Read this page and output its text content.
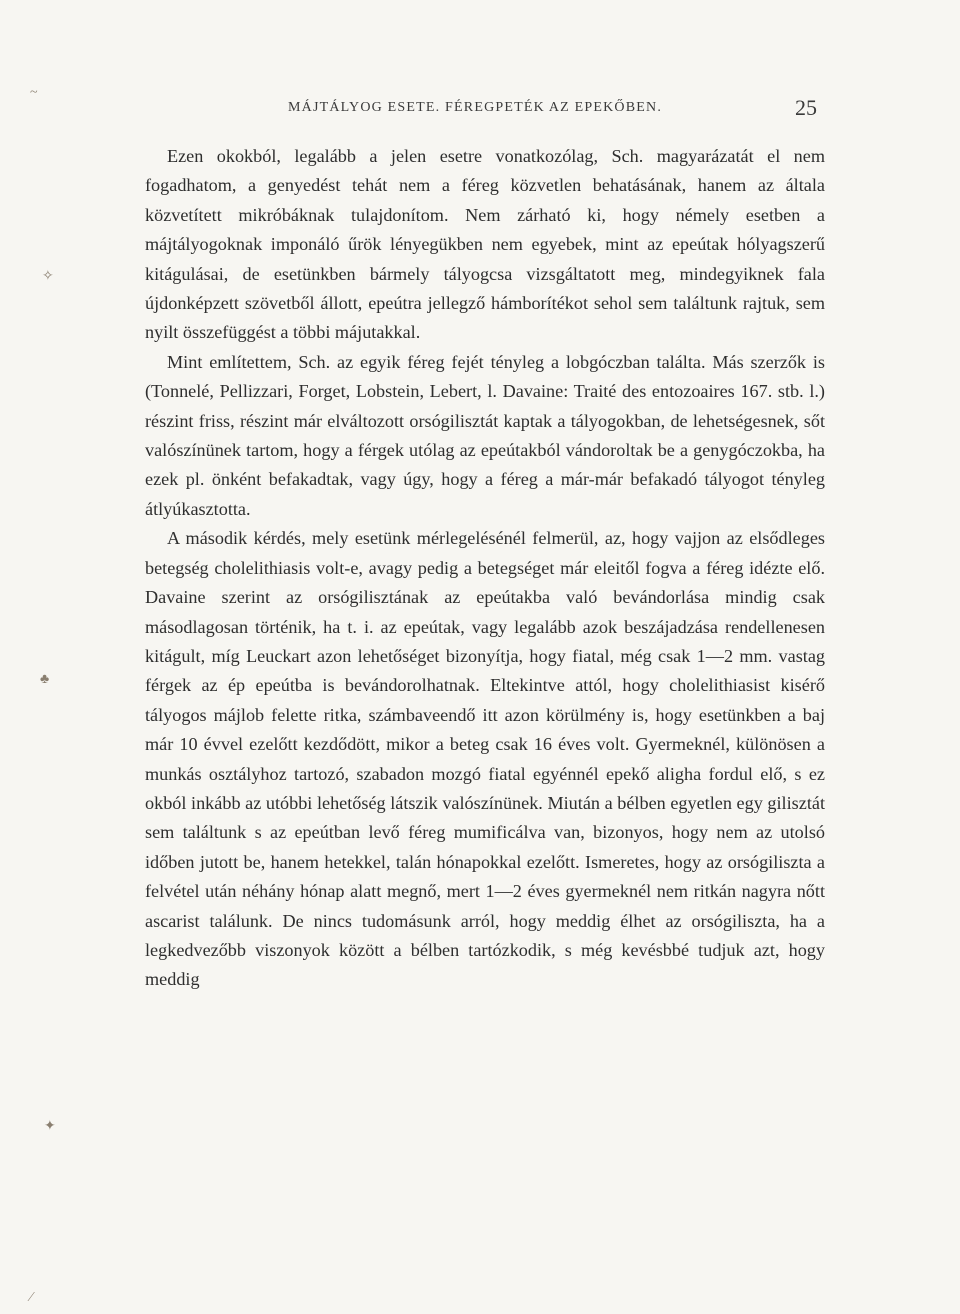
MÁJTÁLYOG ESETE. FÉREGPETÉK AZ EPEKŐBEN.	25

Ezen okokból, legalább a jelen esetre vonatkozólag, Sch. magyarázatát el nem fogadhatom, a genyedést tehát nem a féreg közvetlen behatásának, hanem az általa közvetített mikróbáknak tulajdonítom. Nem zárható ki, hogy némely esetben a májtályogoknak imponáló űrök lényegükben nem egyebek, mint az epeútak hólyagszerű kitágulásai, de esetünkben bármely tályogcsa vizsgáltatott meg, mindegyiknek fala újdonképzett szövetből állott, epeútra jellegző hámborítékot sehol sem találtunk rajtuk, sem nyilt összefüggést a többi májutakkal.

Mint említettem, Sch. az egyik féreg fejét tényleg a lobgóczban találta. Más szerzők is (Tonnelé, Pellizzari, Forget, Lobstein, Lebert, l. Davaine: Traité des entozoaires 167. stb. l.) részint friss, részint már elváltozott orsógilisztát kaptak a tályogokban, de lehetségesnek, sőt valószínünek tartom, hogy a férgek utólag az epeútakból vándoroltak be a genygóczokba, ha ezek pl. önként befakadtak, vagy úgy, hogy a féreg a már-már befakadó tályogot tényleg átlyúkasztotta.

A második kérdés, mely esetünk mérlegelésénél felmerül, az, hogy vajjon az elsődleges betegség cholelithiasis volt-e, avagy pedig a betegséget már eleitől fogva a féreg idézte elő. Davaine szerint az orsógilisztának az epeútakba való bevándorlása mindig csak másodlagosan történik, ha t. i. az epeútak, vagy legalább azok beszájadzása rendellenesen kitágult, míg Leuckart azon lehetőséget bizonyítja, hogy fiatal, még csak 1—2 mm. vastag férgek az ép epeútba is bevándorolhatnak. Eltekintve attól, hogy cholelithiasist kisérő tályogos májlob felette ritka, számbaveendő itt azon körülmény is, hogy esetünkben a baj már 10 évvel ezelőtt kezdődött, mikor a beteg csak 16 éves volt. Gyermeknél, különösen a munkás osztályhoz tartozó, szabadon mozgó fiatal egyénnél epekő aligha fordul elő, s ez okból inkább az utóbbi lehetőség látszik valószínünek. Miután a bélben egyetlen egy gilisztát sem találtunk s az epeútban levő féreg mumificálva van, bizonyos, hogy nem az utolsó időben jutott be, hanem hetekkel, talán hónapokkal ezelőtt. Ismeretes, hogy az orsógiliszta a felvétel után néhány hónap alatt megnő, mert 1—2 éves gyermeknél nem ritkán nagyra nőtt ascarist találunk. De nincs tudomásunk arról, hogy meddig élhet az orsógiliszta, ha a legkedvezőbb viszonyok között a bélben tartózkodik, s még kevésbbé tudjuk azt, hogy meddig

~
✧
♣
✦
⁄
